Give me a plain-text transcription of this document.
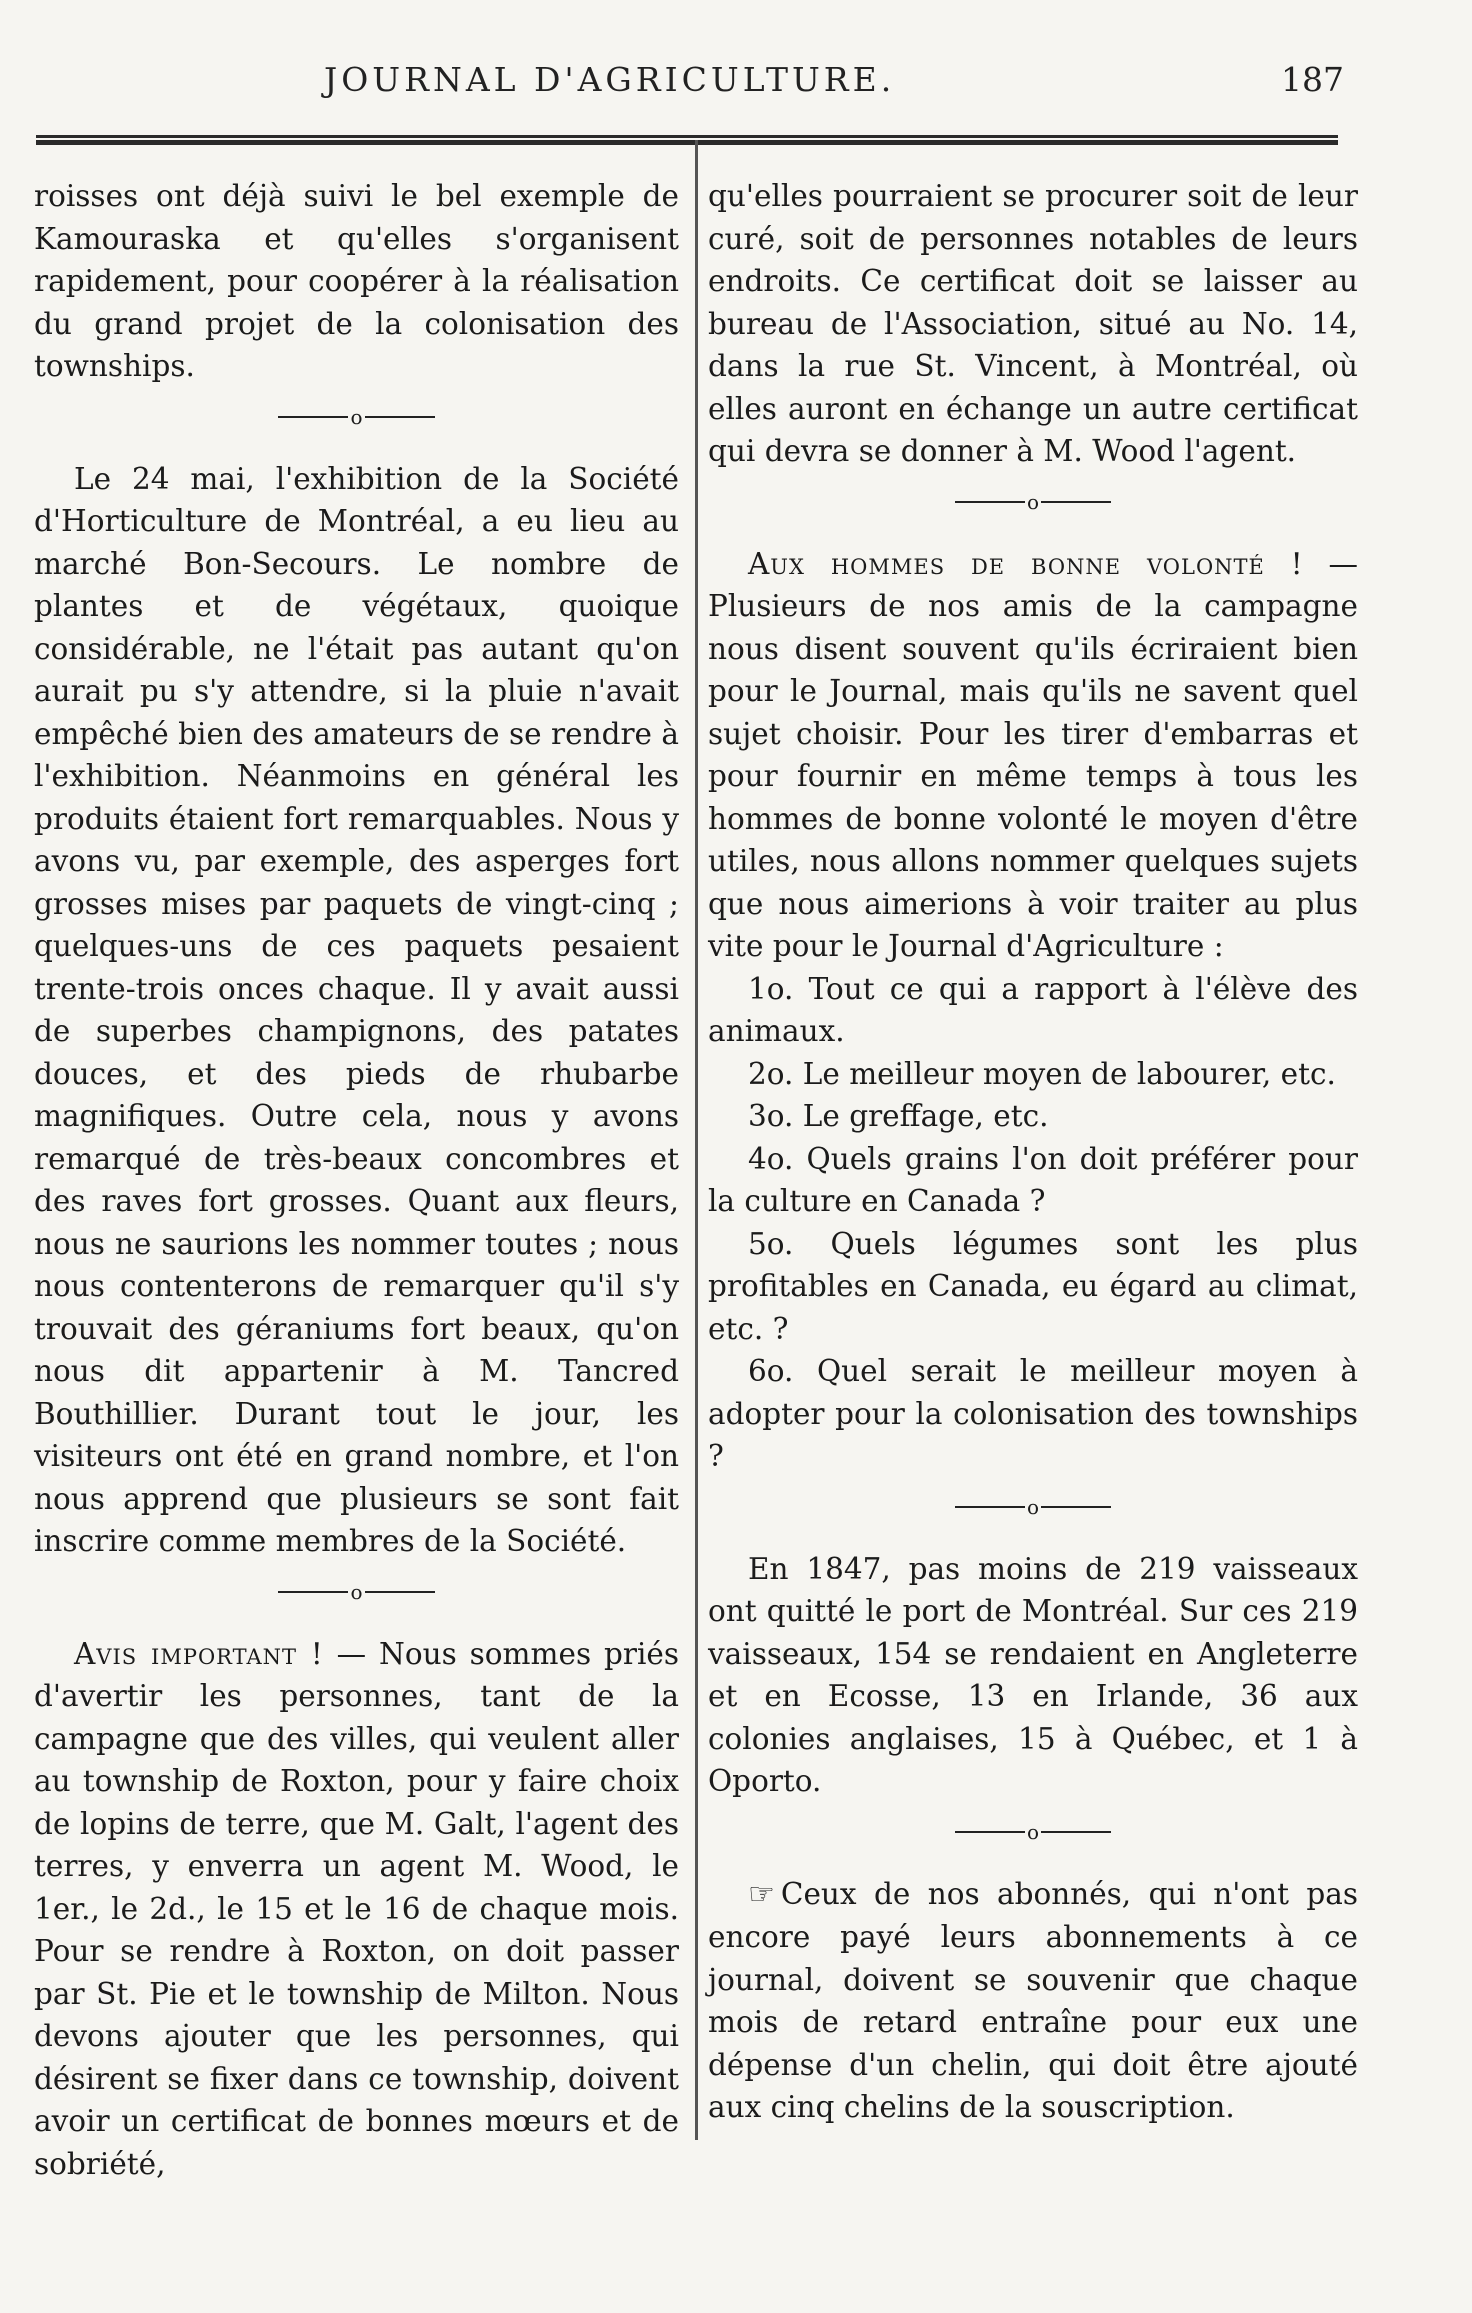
JOURNAL D'AGRICULTURE.	187

roisses ont déjà suivi le bel exemple de Kamouraska et qu'elles s'organisent rapidement, pour coopérer à la réalisation du grand projet de la colonisation des townships.

o

Le 24 mai, l'exhibition de la Société d'Horticulture de Montréal, a eu lieu au marché Bon-Secours. Le nombre de plantes et de végétaux, quoique considérable, ne l'était pas autant qu'on aurait pu s'y attendre, si la pluie n'avait empêché bien des amateurs de se rendre à l'exhibition. Néanmoins en général les produits étaient fort remarquables. Nous y avons vu, par exemple, des asperges fort grosses mises par paquets de vingt-cinq ; quelques-uns de ces paquets pesaient trente-trois onces chaque. Il y avait aussi de superbes champignons, des patates douces, et des pieds de rhubarbe magnifiques. Outre cela, nous y avons remarqué de très-beaux concombres et des raves fort grosses. Quant aux fleurs, nous ne saurions les nommer toutes ; nous nous contenterons de remarquer qu'il s'y trouvait des géraniums fort beaux, qu'on nous dit appartenir à M. Tancred Bouthillier. Durant tout le jour, les visiteurs ont été en grand nombre, et l'on nous apprend que plusieurs se sont fait inscrire comme membres de la Société.

o

Avis important ! — Nous sommes priés d'avertir les personnes, tant de la campagne que des villes, qui veulent aller au township de Roxton, pour y faire choix de lopins de terre, que M. Galt, l'agent des terres, y enverra un agent M. Wood, le 1er., le 2d., le 15 et le 16 de chaque mois. Pour se rendre à Roxton, on doit passer par St. Pie et le township de Milton. Nous devons ajouter que les personnes, qui désirent se fixer dans ce township, doivent avoir un certificat de bonnes mœurs et de sobriété,

qu'elles pourraient se procurer soit de leur curé, soit de personnes notables de leurs endroits. Ce certificat doit se laisser au bureau de l'Association, situé au No. 14, dans la rue St. Vincent, à Montréal, où elles auront en échange un autre certificat qui devra se donner à M. Wood l'agent.

o

Aux hommes de bonne volonté ! — Plusieurs de nos amis de la campagne nous disent souvent qu'ils écriraient bien pour le Journal, mais qu'ils ne savent quel sujet choisir. Pour les tirer d'embarras et pour fournir en même temps à tous les hommes de bonne volonté le moyen d'être utiles, nous allons nommer quelques sujets que nous aimerions à voir traiter au plus vite pour le Journal d'Agriculture :

1o. Tout ce qui a rapport à l'élève des animaux.

2o. Le meilleur moyen de labourer, etc.

3o. Le greffage, etc.

4o. Quels grains l'on doit préférer pour la culture en Canada ?

5o. Quels légumes sont les plus profitables en Canada, eu égard au climat, etc. ?

6o. Quel serait le meilleur moyen à adopter pour la colonisation des townships ?

o

En 1847, pas moins de 219 vaisseaux ont quitté le port de Montréal. Sur ces 219 vaisseaux, 154 se rendaient en Angleterre et en Ecosse, 13 en Irlande, 36 aux colonies anglaises, 15 à Québec, et 1 à Oporto.

o

☞ Ceux de nos abonnés, qui n'ont pas encore payé leurs abonnements à ce journal, doivent se souvenir que chaque mois de retard entraîne pour eux une dépense d'un chelin, qui doit être ajouté aux cinq chelins de la souscription.
